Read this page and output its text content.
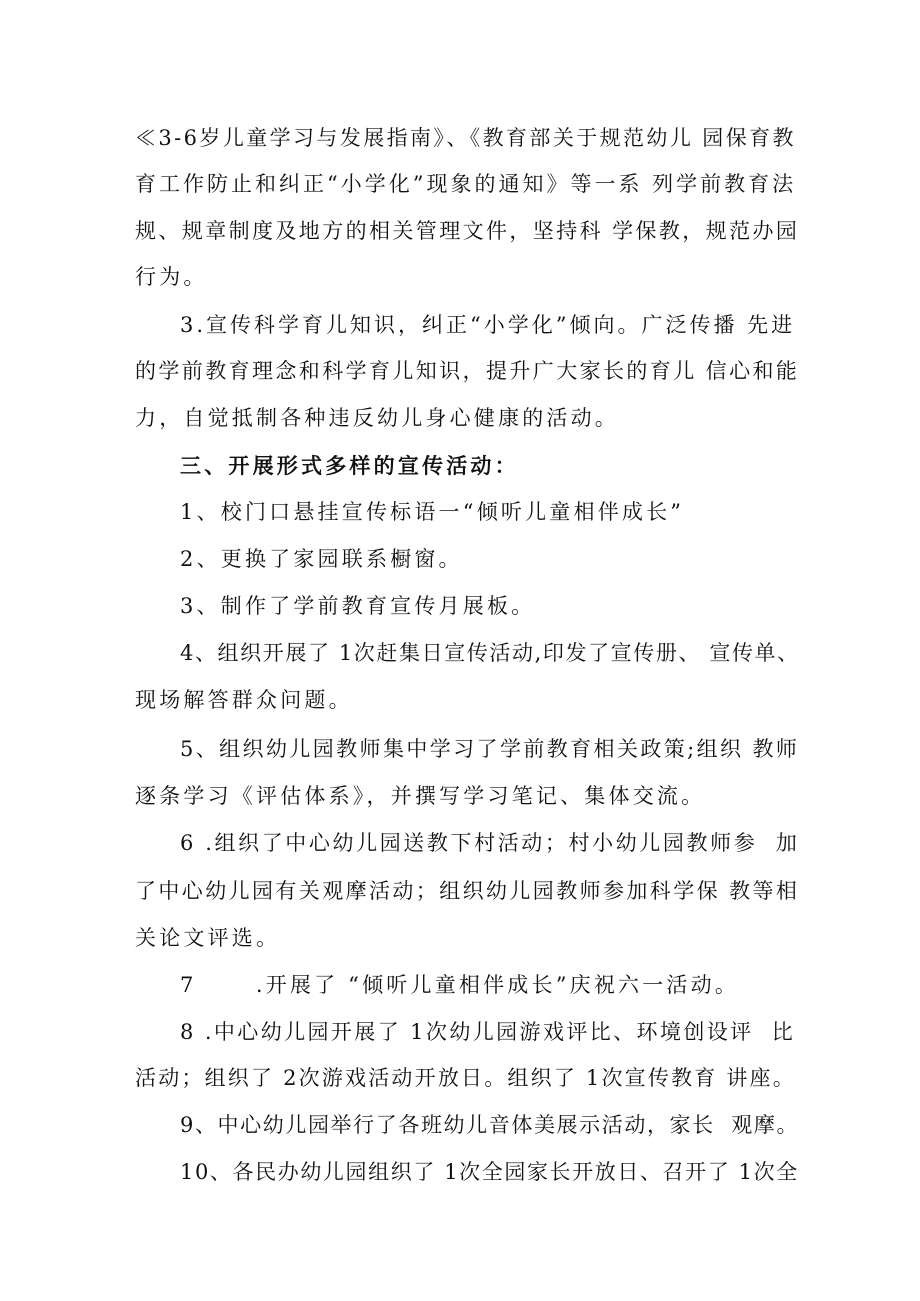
≪3-6岁儿童学习与发展指南》、《教育部关于规范幼儿 园保育教
育工作防止和纠正“小学化”现象的通知》等一系 列学前教育法
规、规章制度及地方的相关管理文件，坚持科 学保教，规范办园
行为。
3.宣传科学育儿知识，纠正“小学化”倾向。广泛传播 先进
的学前教育理念和科学育儿知识，提升广大家长的育儿 信心和能
力，自觉抵制各种违反幼儿身心健康的活动。
三、开展形式多样的宣传活动：
1、校门口悬挂宣传标语一“倾听儿童相伴成长”
2、更换了家园联系橱窗。
3、制作了学前教育宣传月展板。
4、组织开展了 1次赶集日宣传活动,印发了宣传册、 宣传单、
现场解答群众问题。
5、组织幼儿园教师集中学习了学前教育相关政策;组织 教师
逐条学习《评估体系》，并撰写学习笔记、集体交流。
6 .组织了中心幼儿园送教下村活动；村小幼儿园教师参  加
了中心幼儿园有关观摩活动；组织幼儿园教师参加科学保 教等相
关论文评选。
7      .开展了 “倾听儿童相伴成长”庆祝六一活动。
8 .中心幼儿园开展了 1次幼儿园游戏评比、环境创设评  比
活动；组织了 2次游戏活动开放日。组织了 1次宣传教育 讲座。
9、中心幼儿园举行了各班幼儿音体美展示活动，家长  观摩。
10、各民办幼儿园组织了 1次全园家长开放日、召开了 1次全
